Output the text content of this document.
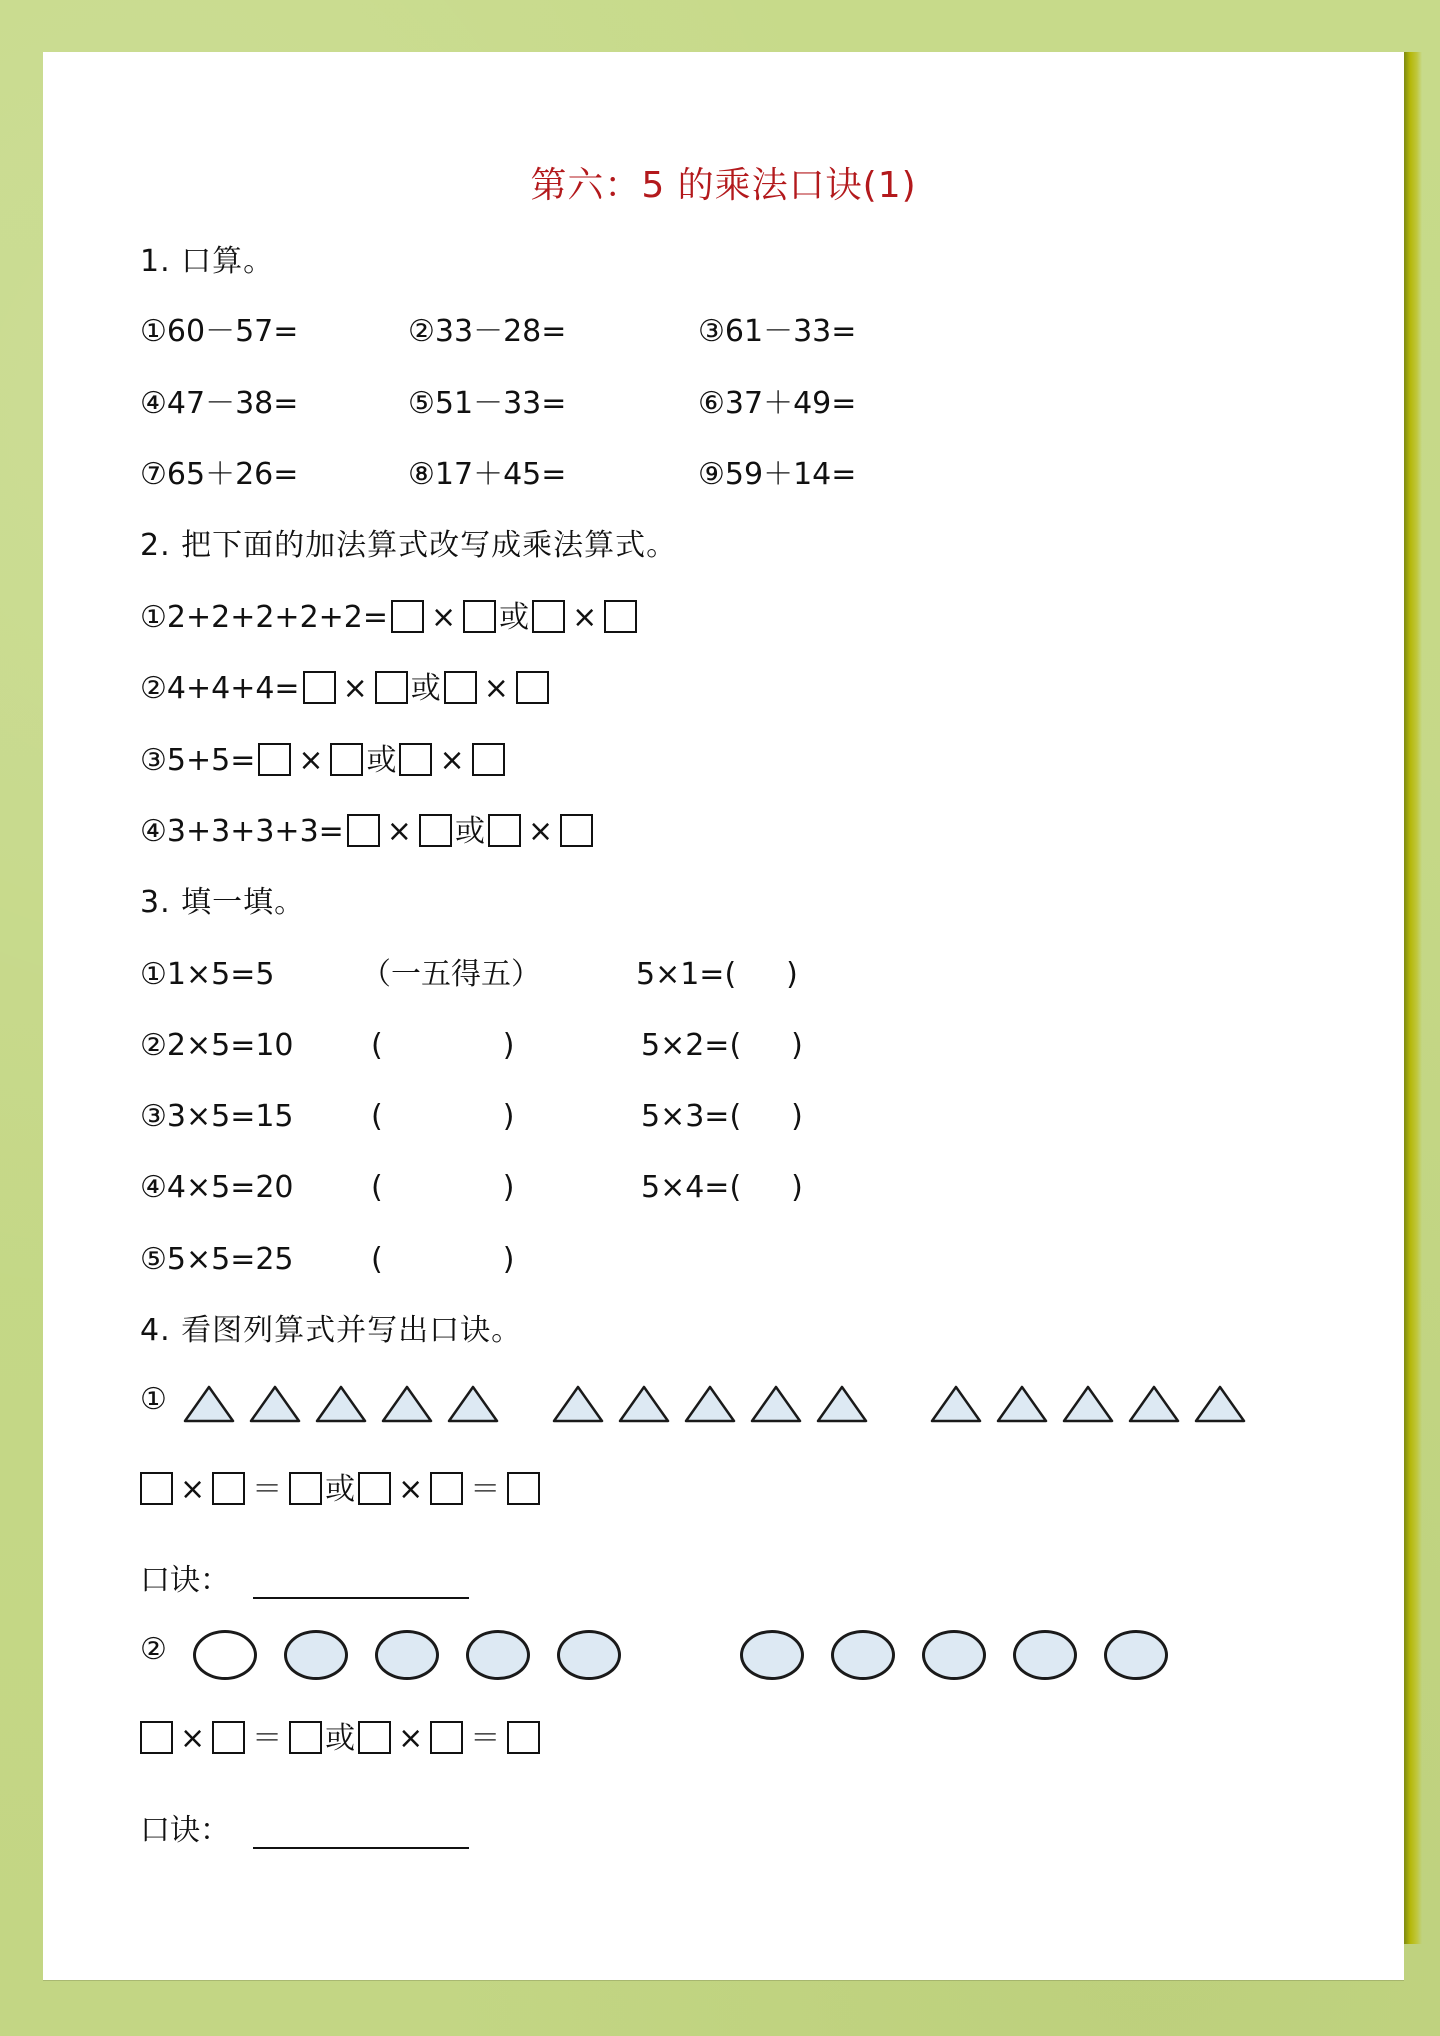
第六：5 的乘法口诀(1)
1. 口算。
①60－57=	②33－28=	③61－33=
④47－38=	⑤51－33=	⑥37＋49=
⑦65＋26=	⑧17＋45=	⑨59＋14=
2. 把下面的加法算式改写成乘法算式。
①2+2+2+2+2= × 或 ×
②4+4+4= × 或 ×
③5+5= × 或 ×
④3+3+3+3= × 或 ×
3. 填一填。
①1×5=5	（一五得五）	5×1=( )
②2×5=10	(	)	5×2=( )
③3×5=15	(	)	5×3=( )
④4×5=20	(	)	5×4=( )
⑤5×5=25	(	)
4. 看图列算式并写出口诀。
①
× ＝ 或 × ＝
口诀：
②
× ＝ 或 × ＝
口诀：
